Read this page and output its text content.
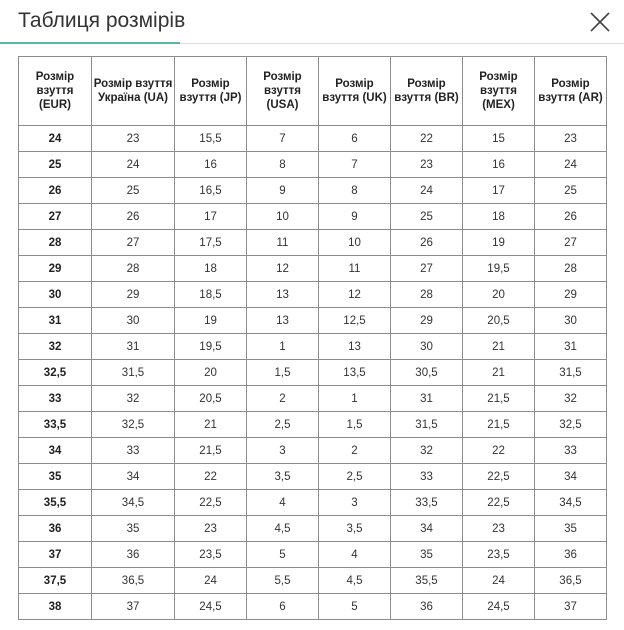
Таблиця розмірів
Розмір взуття (EUR)	Розмір взуття Україна (UA)	Розмір взуття (JP)	Розмір взуття (USA)	Розмір взуття (UK)	Розмір взуття (BR)	Розмір взуття (MEX)	Розмір взуття (AR)
24	23	15,5	7	6	22	15	23
25	24	16	8	7	23	16	24
26	25	16,5	9	8	24	17	25
27	26	17	10	9	25	18	26
28	27	17,5	11	10	26	19	27
29	28	18	12	11	27	19,5	28
30	29	18,5	13	12	28	20	29
31	30	19	13	12,5	29	20,5	30
32	31	19,5	1	13	30	21	31
32,5	31,5	20	1,5	13,5	30,5	21	31,5
33	32	20,5	2	1	31	21,5	32
33,5	32,5	21	2,5	1,5	31,5	21,5	32,5
34	33	21,5	3	2	32	22	33
35	34	22	3,5	2,5	33	22,5	34
35,5	34,5	22,5	4	3	33,5	22,5	34,5
36	35	23	4,5	3,5	34	23	35
37	36	23,5	5	4	35	23,5	36
37,5	36,5	24	5,5	4,5	35,5	24	36,5
38	37	24,5	6	5	36	24,5	37
